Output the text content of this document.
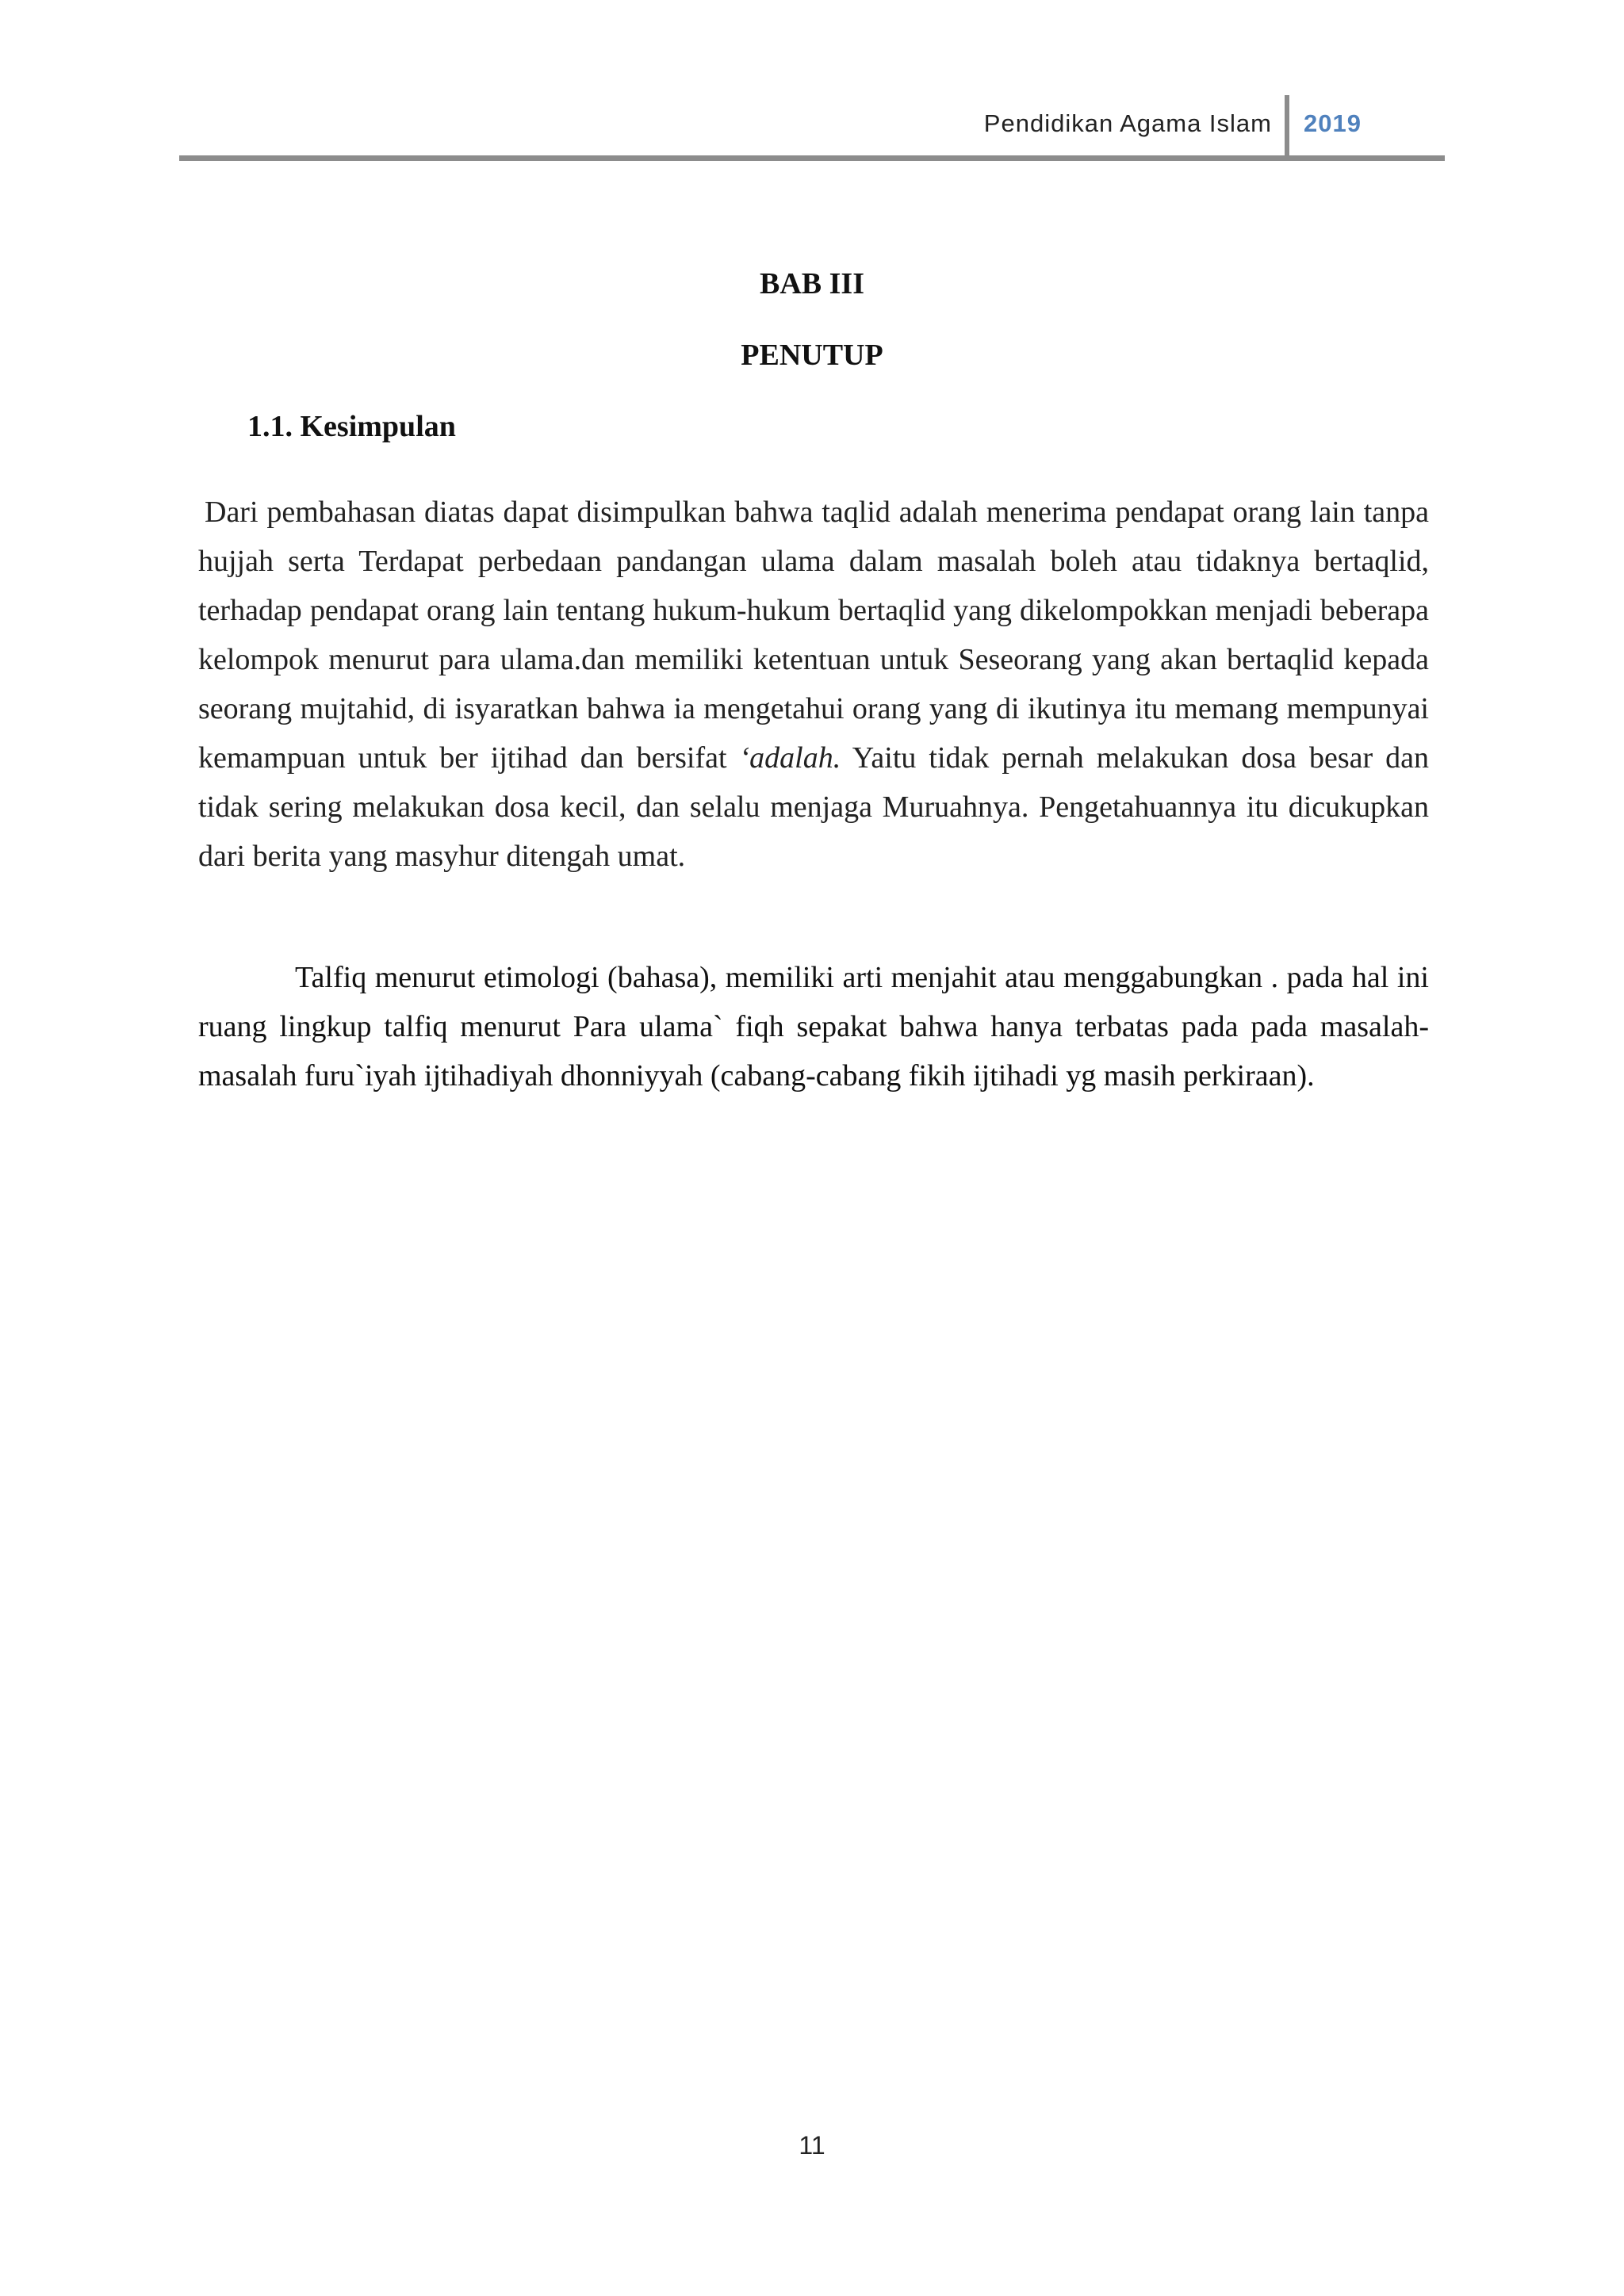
Pendidikan Agama Islam 2019
BAB III
PENUTUP
1.1. Kesimpulan

Dari pembahasan diatas dapat disimpulkan bahwa taqlid adalah menerima pendapat orang lain tanpa hujjah serta Terdapat perbedaan pandangan ulama dalam masalah boleh atau tidaknya bertaqlid, terhadap pendapat orang lain tentang hukum-hukum bertaqlid yang dikelompokkan menjadi beberapa kelompok menurut para ulama.dan memiliki ketentuan untuk Seseorang yang akan bertaqlid kepada seorang mujtahid, di isyaratkan bahwa ia mengetahui orang yang di ikutinya itu memang mempunyai kemampuan untuk ber ijtihad dan bersifat ‘adalah. Yaitu tidak pernah melakukan dosa besar dan tidak sering melakukan dosa kecil, dan selalu menjaga Muruahnya. Pengetahuannya itu dicukupkan dari berita yang masyhur ditengah umat.

Talfiq menurut etimologi (bahasa), memiliki arti menjahit atau menggabungkan . pada hal ini ruang lingkup talfiq menurut Para ulama` fiqh sepakat bahwa hanya terbatas pada pada masalah-masalah furu`iyah ijtihadiyah dhonniyyah (cabang-cabang fikih ijtihadi yg masih perkiraan).

11
